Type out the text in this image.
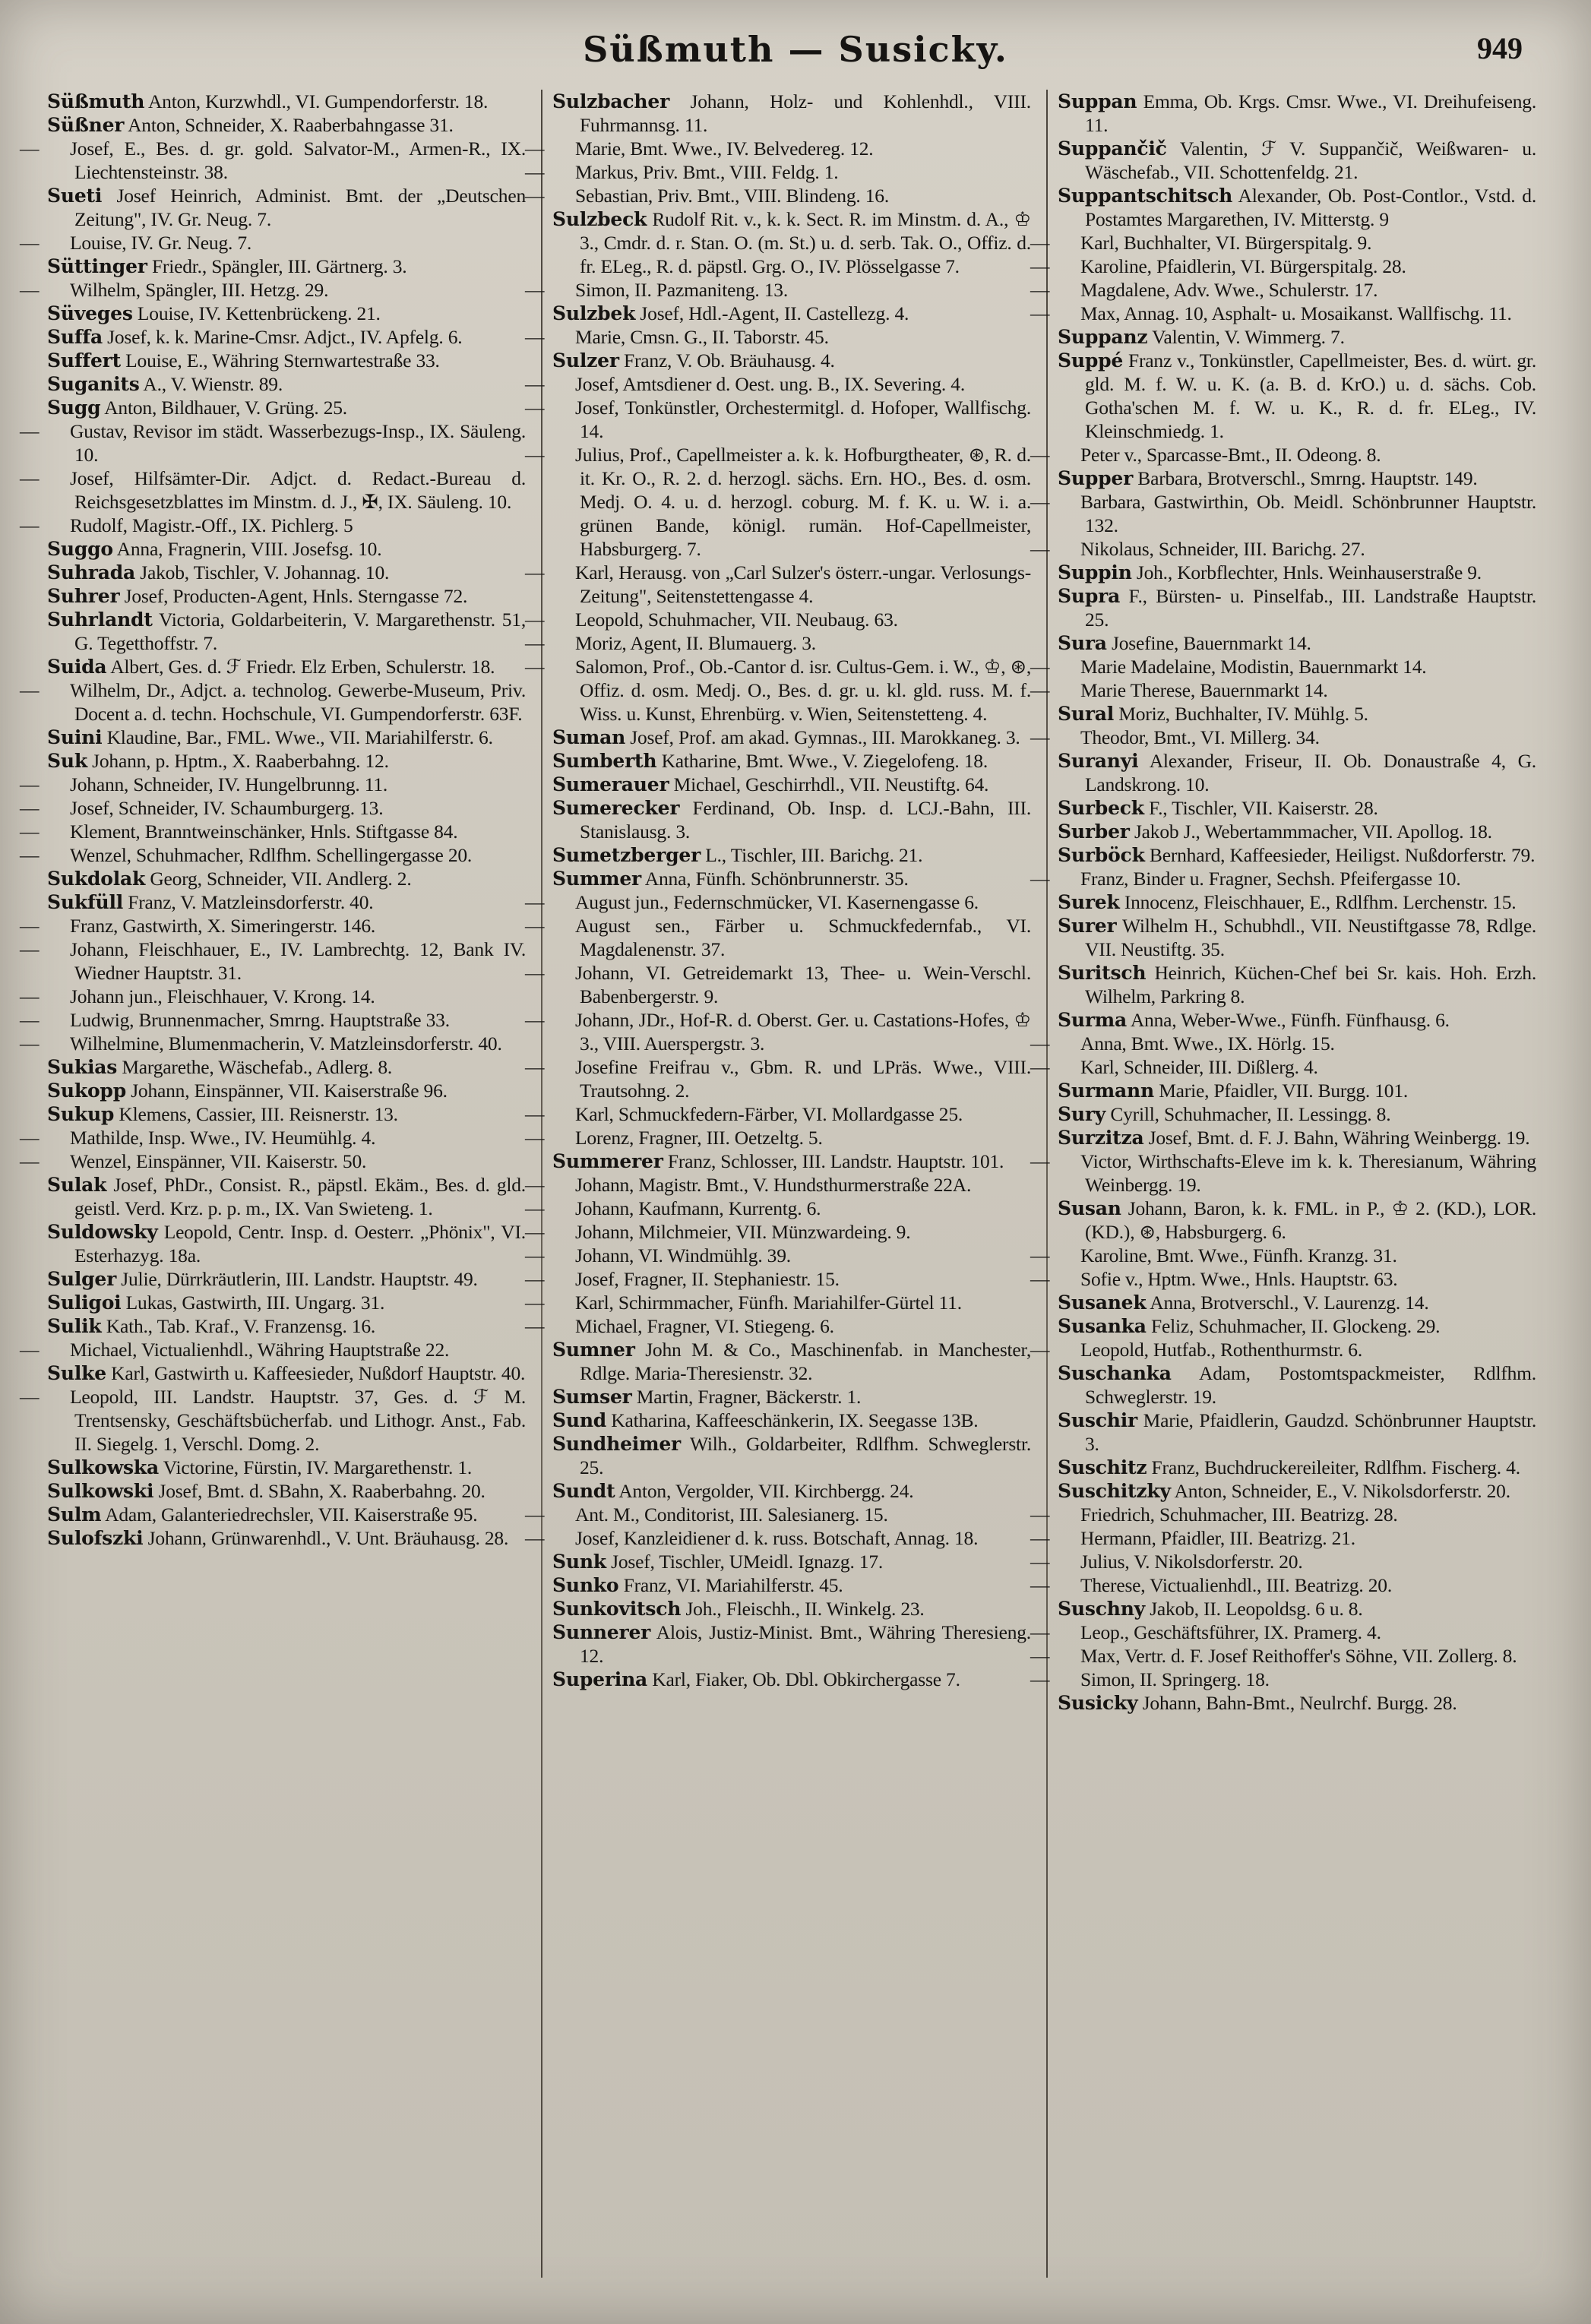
Süßmuth — Susicky.	949

Süßmuth Anton, Kurzwhdl., VI. Gumpendorferstr. 18.

Süßner Anton, Schneider, X. Raaberbahngasse 31.

— Josef, E., Bes. d. gr. gold. Salvator-M., Armen-R., IX. Liechtensteinstr. 38.

Sueti Josef Heinrich, Administ. Bmt. der „Deutschen Zeitung", IV. Gr. Neug. 7.

— Louise, IV. Gr. Neug. 7.

Süttinger Friedr., Spängler, III. Gärtnerg. 3.

— Wilhelm, Spängler, III. Hetzg. 29.

Süveges Louise, IV. Kettenbrückeng. 21.

Suffa Josef, k. k. Marine-Cmsr. Adjct., IV. Apfelg. 6.

Suffert Louise, E., Währing Sternwartestraße 33.

Suganits A., V. Wienstr. 89.

Sugg Anton, Bildhauer, V. Grüng. 25.

— Gustav, Revisor im städt. Wasserbezugs-Insp., IX. Säuleng. 10.

— Josef, Hilfsämter-Dir. Adjct. d. Redact.-Bureau d. Reichsgesetzblattes im Minstm. d. J., ✠, IX. Säuleng. 10.

— Rudolf, Magistr.-Off., IX. Pichlerg. 5

Suggo Anna, Fragnerin, VIII. Josefsg. 10.

Suhrada Jakob, Tischler, V. Johannag. 10.

Suhrer Josef, Producten-Agent, Hnls. Sterngasse 72.

Suhrlandt Victoria, Goldarbeiterin, V. Margarethenstr. 51, G. Tegetthoffstr. 7.

Suida Albert, Ges. d. ℱ Friedr. Elz Erben, Schulerstr. 18.

— Wilhelm, Dr., Adjct. a. technolog. Gewerbe-Museum, Priv. Docent a. d. techn. Hochschule, VI. Gumpendorferstr. 63F.

Suini Klaudine, Bar., FML. Wwe., VII. Mariahilferstr. 6.

Suk Johann, p. Hptm., X. Raaberbahng. 12.

— Johann, Schneider, IV. Hungelbrunng. 11.

— Josef, Schneider, IV. Schaumburgerg. 13.

— Klement, Branntweinschänker, Hnls. Stiftgasse 84.

— Wenzel, Schuhmacher, Rdlfhm. Schellingergasse 20.

Sukdolak Georg, Schneider, VII. Andlerg. 2.

Sukfüll Franz, V. Matzleinsdorferstr. 40.

— Franz, Gastwirth, X. Simeringerstr. 146.

— Johann, Fleischhauer, E., IV. Lambrechtg. 12, Bank IV. Wiedner Hauptstr. 31.

— Johann jun., Fleischhauer, V. Krong. 14.

— Ludwig, Brunnenmacher, Smrng. Hauptstraße 33.

— Wilhelmine, Blumenmacherin, V. Matzleinsdorferstr. 40.

Sukias Margarethe, Wäschefab., Adlerg. 8.

Sukopp Johann, Einspänner, VII. Kaiserstraße 96.

Sukup Klemens, Cassier, III. Reisnerstr. 13.

— Mathilde, Insp. Wwe., IV. Heumühlg. 4.

— Wenzel, Einspänner, VII. Kaiserstr. 50.

Sulak Josef, PhDr., Consist. R., päpstl. Ekäm., Bes. d. gld. geistl. Verd. Krz. p. p. m., IX. Van Swieteng. 1.

Suldowsky Leopold, Centr. Insp. d. Oesterr. „Phönix", VI. Esterhazyg. 18a.

Sulger Julie, Dürrkräutlerin, III. Landstr. Hauptstr. 49.

Suligoi Lukas, Gastwirth, III. Ungarg. 31.

Sulik Kath., Tab. Kraf., V. Franzensg. 16.

— Michael, Victualienhdl., Währing Hauptstraße 22.

Sulke Karl, Gastwirth u. Kaffeesieder, Nußdorf Hauptstr. 40.

— Leopold, III. Landstr. Hauptstr. 37, Ges. d. ℱ M. Trentsensky, Geschäftsbücherfab. und Lithogr. Anst., Fab. II. Siegelg. 1, Verschl. Domg. 2.

Sulkowska Victorine, Fürstin, IV. Margarethenstr. 1.

Sulkowski Josef, Bmt. d. SBahn, X. Raaberbahng. 20.

Sulm Adam, Galanteriedrechsler, VII. Kaiserstraße 95.

Sulofszki Johann, Grünwarenhdl., V. Unt. Bräuhausg. 28.

Sulzbacher Johann, Holz- und Kohlenhdl., VIII. Fuhrmannsg. 11.

— Marie, Bmt. Wwe., IV. Belvedereg. 12.

— Markus, Priv. Bmt., VIII. Feldg. 1.

— Sebastian, Priv. Bmt., VIII. Blindeng. 16.

Sulzbeck Rudolf Rit. v., k. k. Sect. R. im Minstm. d. A., ♔ 3., Cmdr. d. r. Stan. O. (m. St.) u. d. serb. Tak. O., Offiz. d. fr. ELeg., R. d. päpstl. Grg. O., IV. Plösselgasse 7.

— Simon, II. Pazmaniteng. 13.

Sulzbek Josef, Hdl.-Agent, II. Castellezg. 4.

— Marie, Cmsn. G., II. Taborstr. 45.

Sulzer Franz, V. Ob. Bräuhausg. 4.

— Josef, Amtsdiener d. Oest. ung. B., IX. Severing. 4.

— Josef, Tonkünstler, Orchestermitgl. d. Hofoper, Wallfischg. 14.

— Julius, Prof., Capellmeister a. k. k. Hofburgtheater, ⊛, R. d. it. Kr. O., R. 2. d. herzogl. sächs. Ern. HO., Bes. d. osm. Medj. O. 4. u. d. herzogl. coburg. M. f. K. u. W. i. a. grünen Bande, königl. rumän. Hof-Capellmeister, Habsburgerg. 7.

— Karl, Herausg. von „Carl Sulzer's österr.-ungar. Verlosungs-Zeitung", Seitenstettengasse 4.

— Leopold, Schuhmacher, VII. Neubaug. 63.

— Moriz, Agent, II. Blumauerg. 3.

— Salomon, Prof., Ob.-Cantor d. isr. Cultus-Gem. i. W., ♔, ⊛, Offiz. d. osm. Medj. O., Bes. d. gr. u. kl. gld. russ. M. f. Wiss. u. Kunst, Ehrenbürg. v. Wien, Seitenstetteng. 4.

Suman Josef, Prof. am akad. Gymnas., III. Marokkaneg. 3.

Sumberth Katharine, Bmt. Wwe., V. Ziegelofeng. 18.

Sumerauer Michael, Geschirrhdl., VII. Neustiftg. 64.

Sumerecker Ferdinand, Ob. Insp. d. LCJ.-Bahn, III. Stanislausg. 3.

Sumetzberger L., Tischler, III. Barichg. 21.

Summer Anna, Fünfh. Schönbrunnerstr. 35.

— August jun., Federnschmücker, VI. Kasernengasse 6.

— August sen., Färber u. Schmuckfedernfab., VI. Magdalenenstr. 37.

— Johann, VI. Getreidemarkt 13, Thee- u. Wein-Verschl. Babenbergerstr. 9.

— Johann, JDr., Hof-R. d. Oberst. Ger. u. Castations-Hofes, ♔ 3., VIII. Auerspergstr. 3.

— Josefine Freifrau v., Gbm. R. und LPräs. Wwe., VIII. Trautsohng. 2.

— Karl, Schmuckfedern-Färber, VI. Mollardgasse 25.

— Lorenz, Fragner, III. Oetzeltg. 5.

Summerer Franz, Schlosser, III. Landstr. Hauptstr. 101.

— Johann, Magistr. Bmt., V. Hundsthurmerstraße 22A.

— Johann, Kaufmann, Kurrentg. 6.

— Johann, Milchmeier, VII. Münzwardeing. 9.

— Johann, VI. Windmühlg. 39.

— Josef, Fragner, II. Stephaniestr. 15.

— Karl, Schirmmacher, Fünfh. Mariahilfer-Gürtel 11.

— Michael, Fragner, VI. Stiegeng. 6.

Sumner John M. & Co., Maschinenfab. in Manchester, Rdlge. Maria-Theresienstr. 32.

Sumser Martin, Fragner, Bäckerstr. 1.

Sund Katharina, Kaffeeschänkerin, IX. Seegasse 13B.

Sundheimer Wilh., Goldarbeiter, Rdlfhm. Schweglerstr. 25.

Sundt Anton, Vergolder, VII. Kirchbergg. 24.

— Ant. M., Conditorist, III. Salesianerg. 15.

— Josef, Kanzleidiener d. k. russ. Botschaft, Annag. 18.

Sunk Josef, Tischler, UMeidl. Ignazg. 17.

Sunko Franz, VI. Mariahilferstr. 45.

Sunkovitsch Joh., Fleischh., II. Winkelg. 23.

Sunnerer Alois, Justiz-Minist. Bmt., Währing Theresieng. 12.

Superina Karl, Fiaker, Ob. Dbl. Obkirchergasse 7.

Suppan Emma, Ob. Krgs. Cmsr. Wwe., VI. Dreihufeiseng. 11.

Suppančič Valentin, ℱ V. Suppančič, Weißwaren- u. Wäschefab., VII. Schottenfeldg. 21.

Suppantschitsch Alexander, Ob. Post-Contlor., Vstd. d. Postamtes Margarethen, IV. Mitterstg. 9

— Karl, Buchhalter, VI. Bürgerspitalg. 9.

— Karoline, Pfaidlerin, VI. Bürgerspitalg. 28.

— Magdalene, Adv. Wwe., Schulerstr. 17.

— Max, Annag. 10, Asphalt- u. Mosaikanst. Wallfischg. 11.

Suppanz Valentin, V. Wimmerg. 7.

Suppé Franz v., Tonkünstler, Capellmeister, Bes. d. würt. gr. gld. M. f. W. u. K. (a. B. d. KrO.) u. d. sächs. Cob. Gotha'schen M. f. W. u. K., R. d. fr. ELeg., IV. Kleinschmiedg. 1.

— Peter v., Sparcasse-Bmt., II. Odeong. 8.

Supper Barbara, Brotverschl., Smrng. Hauptstr. 149.

— Barbara, Gastwirthin, Ob. Meidl. Schönbrunner Hauptstr. 132.

— Nikolaus, Schneider, III. Barichg. 27.

Suppin Joh., Korbflechter, Hnls. Weinhauserstraße 9.

Supra F., Bürsten- u. Pinselfab., III. Landstraße Hauptstr. 25.

Sura Josefine, Bauernmarkt 14.

— Marie Madelaine, Modistin, Bauernmarkt 14.

— Marie Therese, Bauernmarkt 14.

Sural Moriz, Buchhalter, IV. Mühlg. 5.

— Theodor, Bmt., VI. Millerg. 34.

Suranyi Alexander, Friseur, II. Ob. Donaustraße 4, G. Landskrong. 10.

Surbeck F., Tischler, VII. Kaiserstr. 28.

Surber Jakob J., Webertammmacher, VII. Apollog. 18.

Surböck Bernhard, Kaffeesieder, Heiligst. Nußdorferstr. 79.

— Franz, Binder u. Fragner, Sechsh. Pfeifergasse 10.

Surek Innocenz, Fleischhauer, E., Rdlfhm. Lerchenstr. 15.

Surer Wilhelm H., Schubhdl., VII. Neustiftgasse 78, Rdlge. VII. Neustiftg. 35.

Suritsch Heinrich, Küchen-Chef bei Sr. kais. Hoh. Erzh. Wilhelm, Parkring 8.

Surma Anna, Weber-Wwe., Fünfh. Fünfhausg. 6.

— Anna, Bmt. Wwe., IX. Hörlg. 15.

— Karl, Schneider, III. Dißlerg. 4.

Surmann Marie, Pfaidler, VII. Burgg. 101.

Sury Cyrill, Schuhmacher, II. Lessingg. 8.

Surzitza Josef, Bmt. d. F. J. Bahn, Währing Weinbergg. 19.

— Victor, Wirthschafts-Eleve im k. k. Theresianum, Währing Weinbergg. 19.

Susan Johann, Baron, k. k. FML. in P., ♔ 2. (KD.), LOR. (KD.), ⊛, Habsburgerg. 6.

— Karoline, Bmt. Wwe., Fünfh. Kranzg. 31.

— Sofie v., Hptm. Wwe., Hnls. Hauptstr. 63.

Susanek Anna, Brotverschl., V. Laurenzg. 14.

Susanka Feliz, Schuhmacher, II. Glockeng. 29.

— Leopold, Hutfab., Rothenthurmstr. 6.

Suschanka Adam, Postomtspackmeister, Rdlfhm. Schweglerstr. 19.

Suschir Marie, Pfaidlerin, Gaudzd. Schönbrunner Hauptstr. 3.

Suschitz Franz, Buchdruckereileiter, Rdlfhm. Fischerg. 4.

Suschitzky Anton, Schneider, E., V. Nikolsdorferstr. 20.

— Friedrich, Schuhmacher, III. Beatrizg. 28.

— Hermann, Pfaidler, III. Beatrizg. 21.

— Julius, V. Nikolsdorferstr. 20.

— Therese, Victualienhdl., III. Beatrizg. 20.

Suschny Jakob, II. Leopoldsg. 6 u. 8.

— Leop., Geschäftsführer, IX. Pramerg. 4.

— Max, Vertr. d. F. Josef Reithoffer's Söhne, VII. Zollerg. 8.

— Simon, II. Springerg. 18.

Susicky Johann, Bahn-Bmt., Neulrchf. Burgg. 28.
